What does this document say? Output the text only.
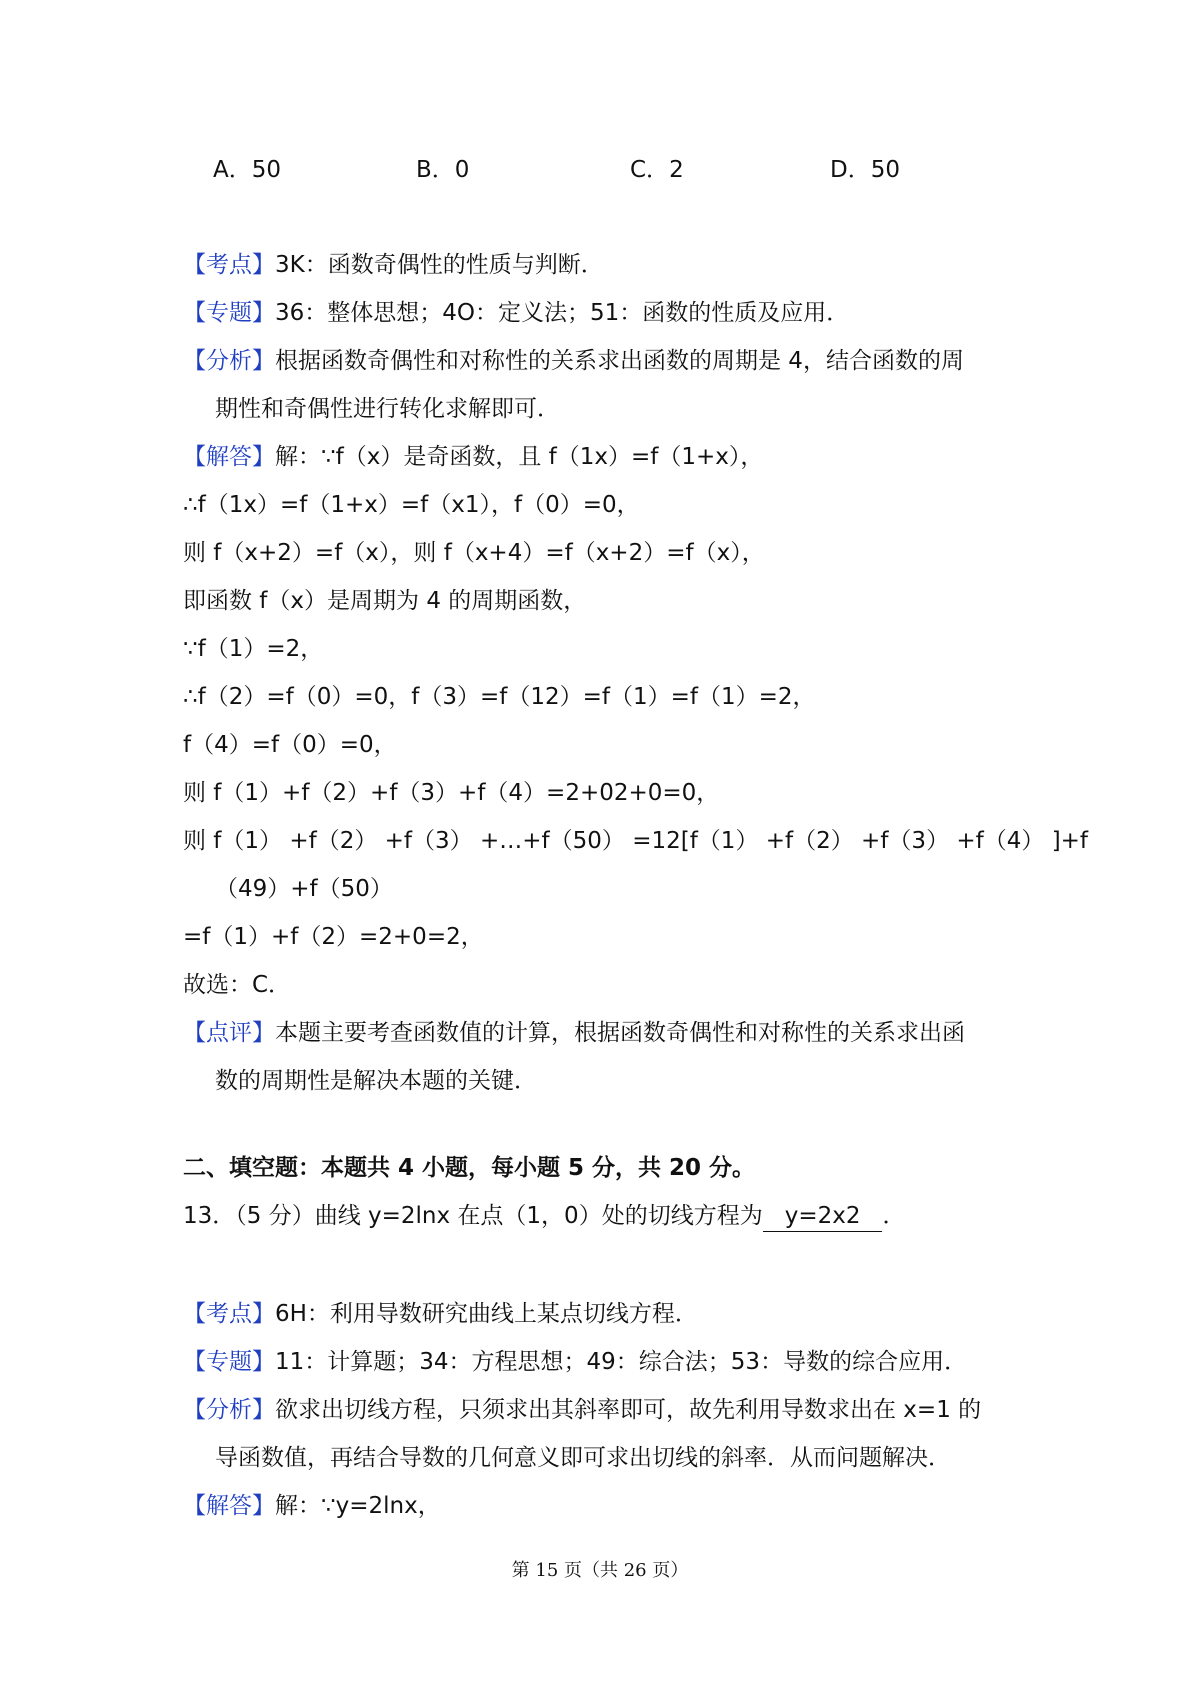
A．50	B．0	C．2	D．50
【考点】3K：函数奇偶性的性质与判断．
【专题】36：整体思想；4O：定义法；51：函数的性质及应用．
【分析】根据函数奇偶性和对称性的关系求出函数的周期是 4，结合函数的周
期性和奇偶性进行转化求解即可．
【解答】解：∵f（x）是奇函数，且 f（1x）=f（1+x），
∴f（1x）=f（1+x）=f（x1），f（0）=0，
则 f（x+2）=f（x），则 f（x+4）=f（x+2）=f（x），
即函数 f（x）是周期为 4 的周期函数，
∵f（1）=2，
∴f（2）=f（0）=0，f（3）=f（12）=f（1）=f（1）=2，
f（4）=f（0）=0，
则 f（1）+f（2）+f（3）+f（4）=2+02+0=0，
则 f（1） +f（2） +f（3） +…+f（50） =12[f（1） +f（2） +f（3） +f（4） ]+f
（49）+f（50）
=f（1）+f（2）=2+0=2，
故选：C．
【点评】本题主要考查函数值的计算，根据函数奇偶性和对称性的关系求出函
数的周期性是解决本题的关键．
二、填空题：本题共 4 小题，每小题 5 分，共 20 分。
13．（5 分）曲线 y=2lnx 在点（1，0）处的切线方程为 y=2x2 ．
【考点】6H：利用导数研究曲线上某点切线方程．
【专题】11：计算题；34：方程思想；49：综合法；53：导数的综合应用．
【分析】欲求出切线方程，只须求出其斜率即可，故先利用导数求出在 x=1 的
导函数值，再结合导数的几何意义即可求出切线的斜率．从而问题解决．
【解答】解：∵y=2lnx，
第 15 页（共 26 页）
